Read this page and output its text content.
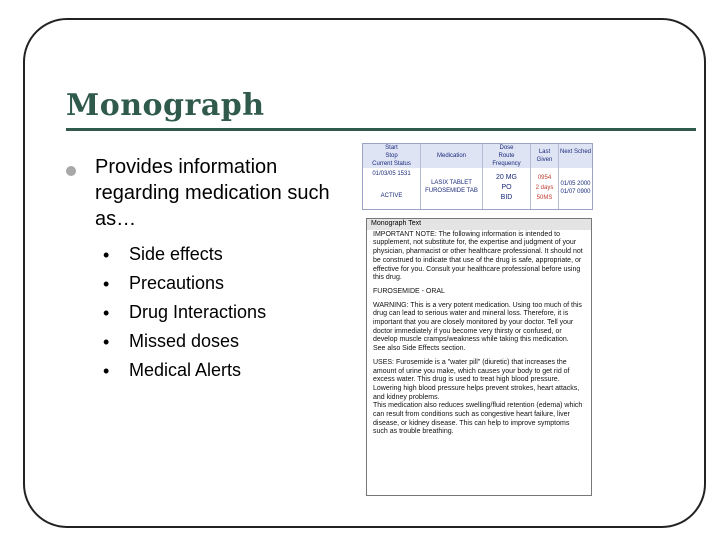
Monograph
Provides information regarding medication such as…
• Side effects
• Precautions
• Drug Interactions
• Missed doses
• Medical Alerts
Start
Stop
Current Status
01/03/05 1531
ACTIVE
Medication
LASIX TABLET
FUROSEMIDE TAB
Dose
Route
Frequency
20 MG
PO
BID
Last Given
0954
2 days
50MS
Next Sched
01/05 2000
01/07 0900
Monograph Text

IMPORTANT NOTE: The following information is intended to supplement, not substitute for, the expertise and judgment of your physician, pharmacist or other healthcare professional. It should not be construed to indicate that use of the drug is safe, appropriate, or effective for you. Consult your healthcare professional before using this drug.

FUROSEMIDE - ORAL

WARNING: This is a very potent medication. Using too much of this drug can lead to serious water and mineral loss. Therefore, it is important that you are closely monitored by your doctor. Tell your doctor immediately if you become very thirsty or confused, or develop muscle cramps/weakness while taking this medication.

See also Side Effects section.

USES: Furosemide is a "water pill" (diuretic) that increases the amount of urine you make, which causes your body to get rid of excess water. This drug is used to treat high blood pressure. Lowering high blood pressure helps prevent strokes, heart attacks, and kidney problems.

This medication also reduces swelling/fluid retention (edema) which can result from conditions such as congestive heart failure, liver disease, or kidney disease. This can help to improve symptoms such as trouble breathing.
